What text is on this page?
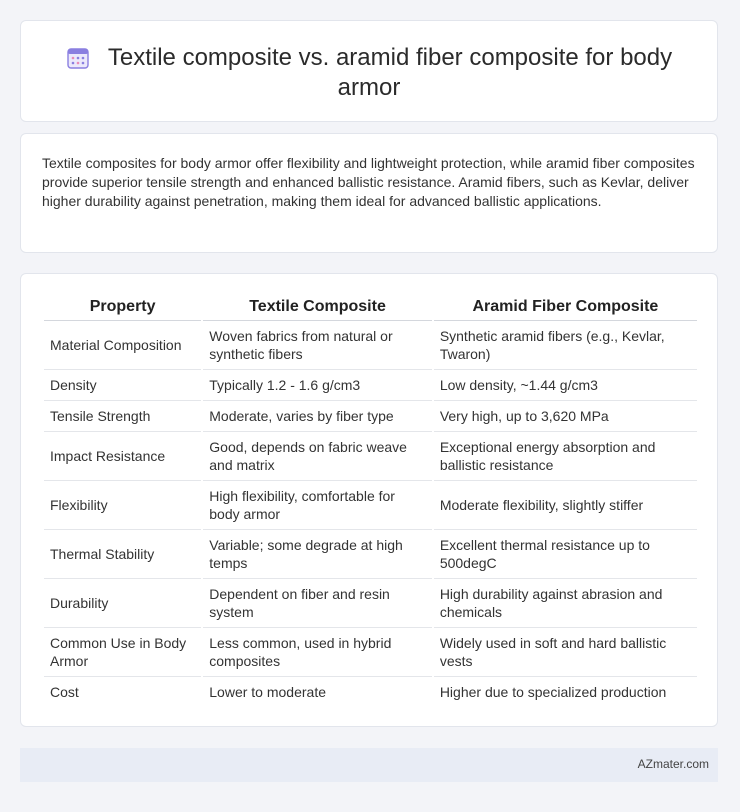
Textile composite vs. aramid fiber composite for body armor
Textile composites for body armor offer flexibility and lightweight protection, while aramid fiber composites provide superior tensile strength and enhanced ballistic resistance. Aramid fibers, such as Kevlar, deliver higher durability against penetration, making them ideal for advanced ballistic applications.
Property	Textile Composite	Aramid Fiber Composite
Material Composition	Woven fabrics from natural or synthetic fibers	Synthetic aramid fibers (e.g., Kevlar, Twaron)
Density	Typically 1.2 - 1.6 g/cm3	Low density, ~1.44 g/cm3
Tensile Strength	Moderate, varies by fiber type	Very high, up to 3,620 MPa
Impact Resistance	Good, depends on fabric weave and matrix	Exceptional energy absorption and ballistic resistance
Flexibility	High flexibility, comfortable for body armor	Moderate flexibility, slightly stiffer
Thermal Stability	Variable; some degrade at high temps	Excellent thermal resistance up to 500degC
Durability	Dependent on fiber and resin system	High durability against abrasion and chemicals
Common Use in Body Armor	Less common, used in hybrid composites	Widely used in soft and hard ballistic vests
Cost	Lower to moderate	Higher due to specialized production
AZmater.com
